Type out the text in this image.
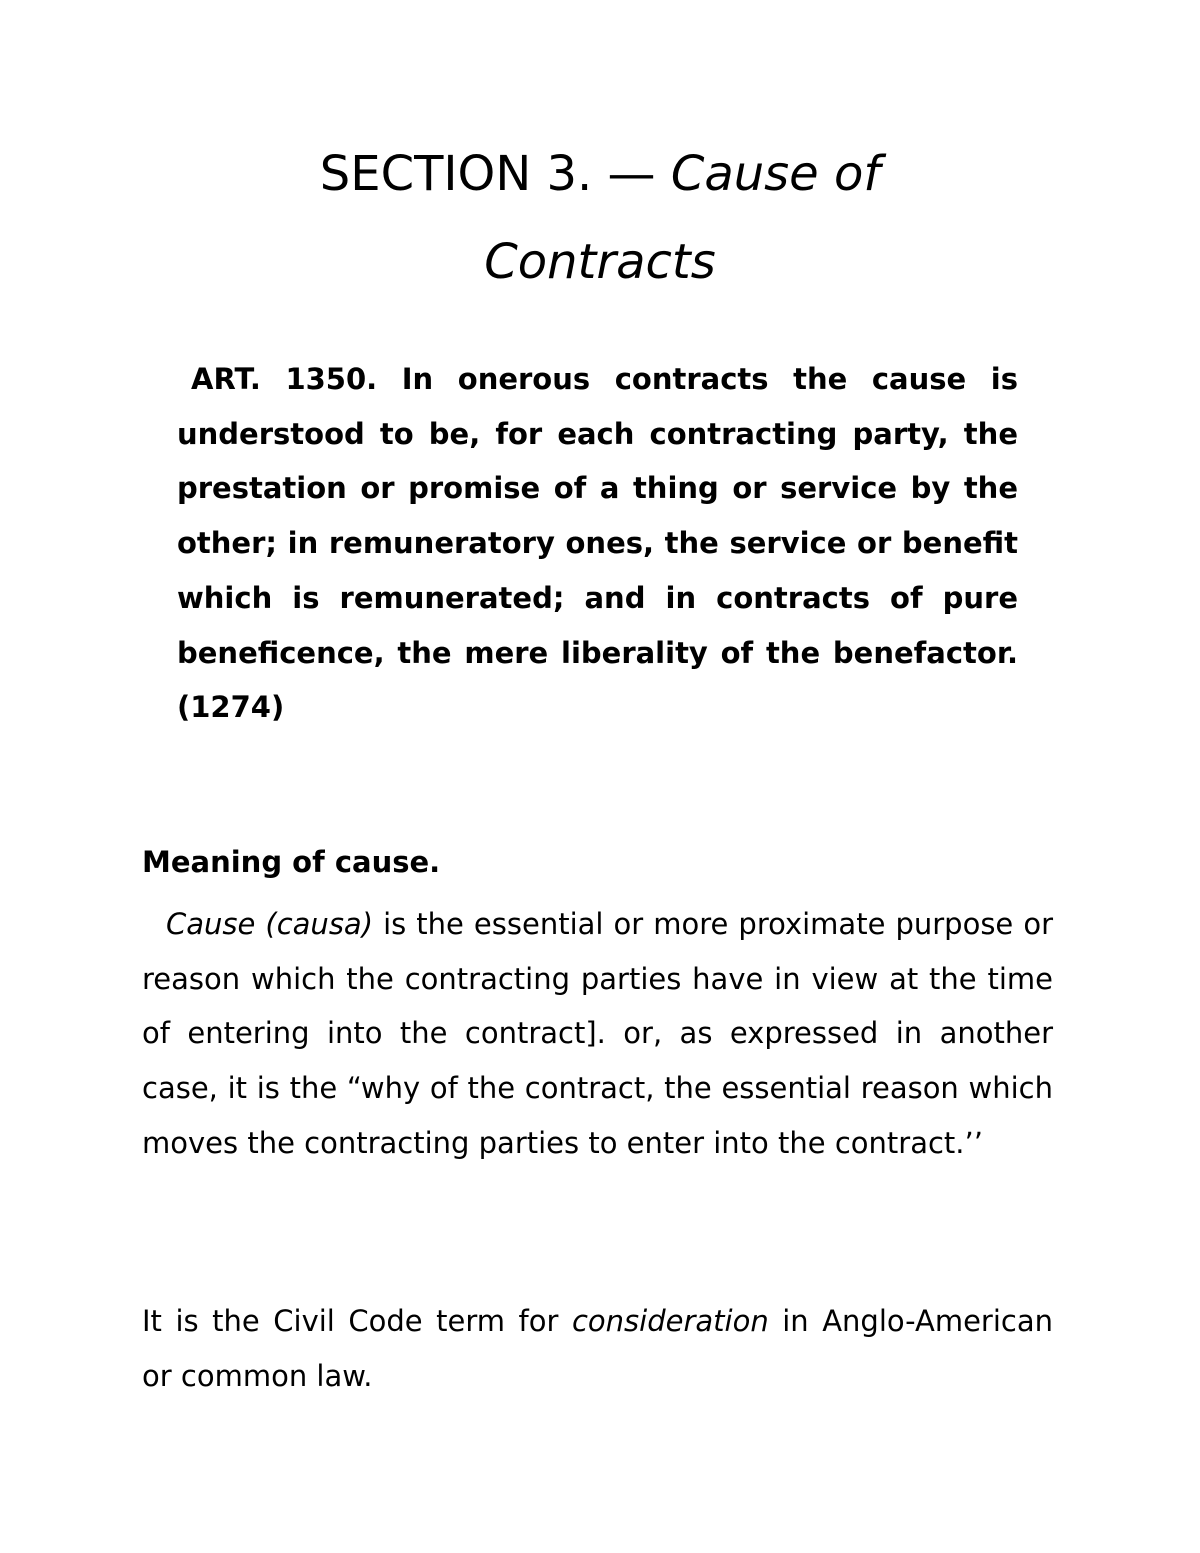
SECTION 3. — Cause of
Contracts

ART. 1350. In onerous contracts the cause is understood to be, for each contracting party, the prestation or promise of a thing or service by the other; in remuneratory ones, the service or benefit which is remunerated; and in contracts of pure beneficence, the mere liberality of the benefactor. (1274)

Meaning of cause.

Cause (causa) is the essential or more proximate purpose or reason which the contracting parties have in view at the time of entering into the contract]. or, as expressed in another case, it is the “why of the contract, the essential reason which moves the contracting parties to enter into the contract.’’

It is the Civil Code term for consideration in Anglo-American or common law.
